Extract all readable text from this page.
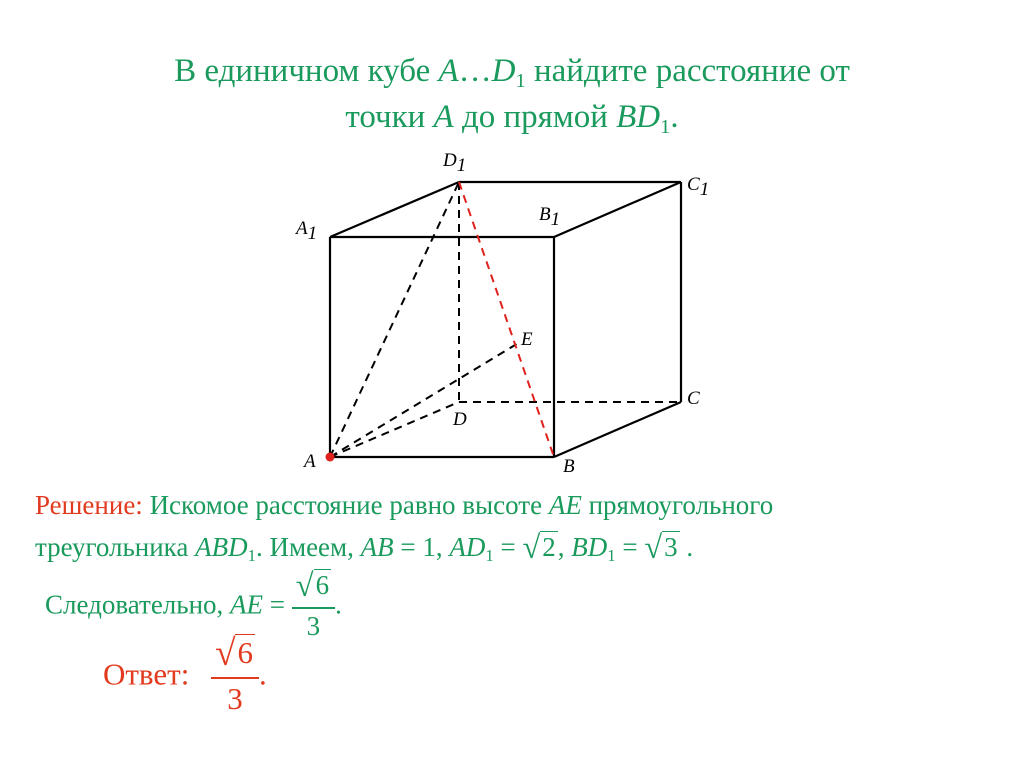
В единичном кубе $A\dots D_1$ найдите расстояние от
точки A до прямой $BD_1$.
D1
C1
A1
B1
E
D
C
A	B
Решение: Искомое расстояние равно высоте AE прямоугольного
треугольника $ABD_1$. Имеем, AB = 1, $AD_1 = √2$, $BD_1 = √3$ .
Следовательно, AE = $\frac{√6}{3}$ .
Ответ: $\frac{√6}{3}$ .
